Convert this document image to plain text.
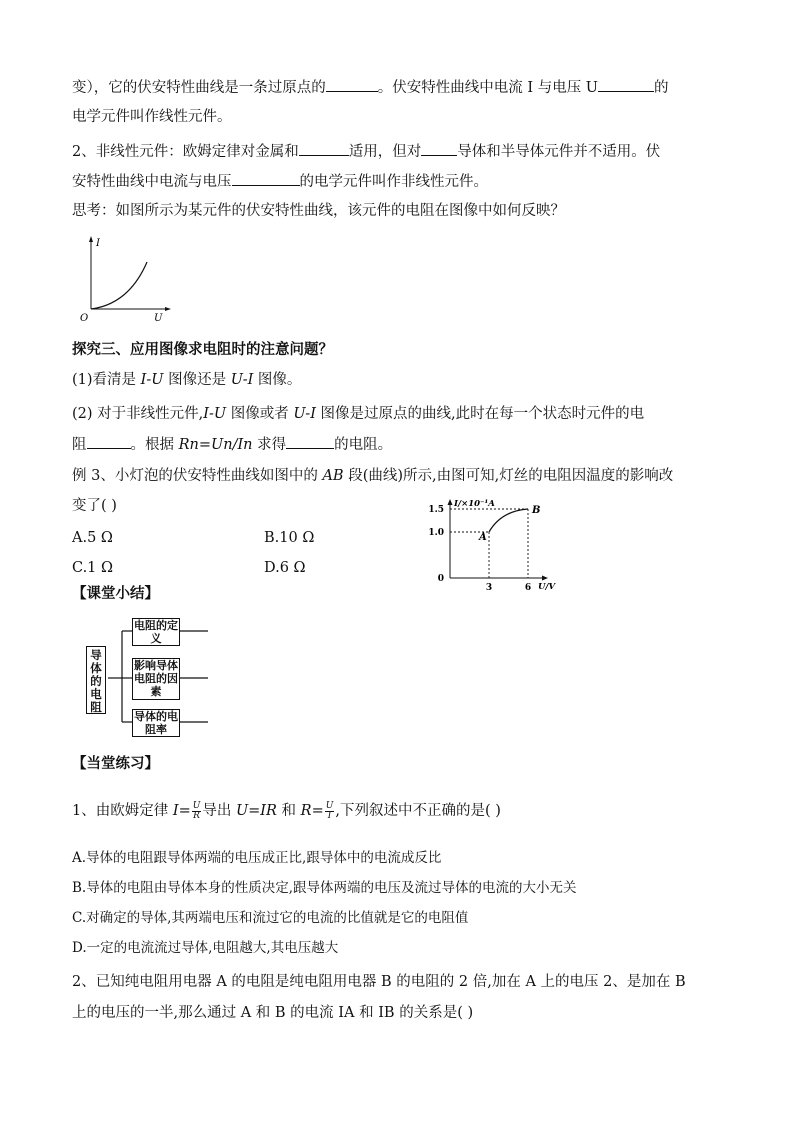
变），它的伏安特性曲线是一条过原点的	。伏安特性曲线中电流 I 与电压 U	的
电学元件叫作线性元件。
2、非线性元件：欧姆定律对金属和	适用，但对 导体和半导体元件并不适用。伏
安特性曲线中电流与电压	的电学元件叫作非线性元件。
思考：如图所示为某元件的伏安特性曲线，该元件的电阻在图像中如何反映？
I
U
O
探究三、应用图像求电阻时的注意问题？
(1)看清是 I-U 图像还是 U-I 图像。
(2) 对于非线性元件,I-U 图像或者 U-I 图像是过原点的曲线,此时在每一个状态时元件的电
阻	。根据 Rn=Un/In 求得	的电阻。
例 3、小灯泡的伏安特性曲线如图中的 AB 段(曲线)所示,由图可知,灯丝的电阻因温度的影响改
变了( )
A.5 Ω	B.10 Ω
C.1 Ω	D.6 Ω
I/×10⁻¹A
U/V
0
1.0
1.5
3	6
A
B
【课堂小结】
导体的电阻
电阻的定义
影响导体电阻的因素
导体的电阻率
【当堂练习】
1、由欧姆定律 $I= \frac{U}{R}$ 导出 U=IR 和 $R= \frac{U}{I}$ ,下列叙述中不正确的是( )
A.导体的电阻跟导体两端的电压成正比,跟导体中的电流成反比
B.导体的电阻由导体本身的性质决定,跟导体两端的电压及流过导体的电流的大小无关
C.对确定的导体,其两端电压和流过它的电流的比值就是它的电阻值
D.一定的电流流过导体,电阻越大,其电压越大
2、已知纯电阻用电器 A 的电阻是纯电阻用电器 B 的电阻的 2 倍,加在 A 上的电压 2、是加在 B
上的电压的一半,那么通过 A 和 B 的电流 IA 和 IB 的关系是( )
